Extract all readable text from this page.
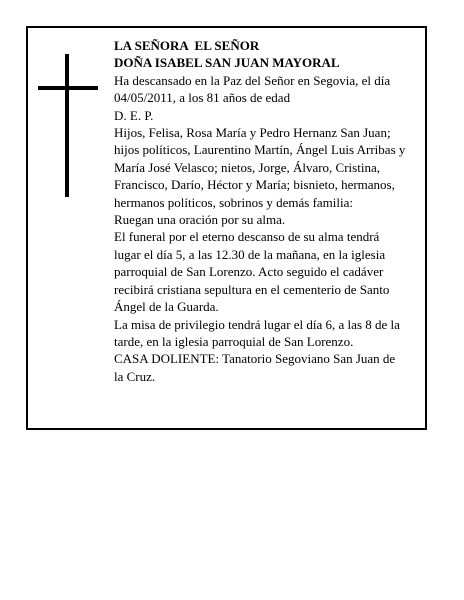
LA SEÑORA  EL SEÑOR
DOÑA ISABEL SAN JUAN MAYORAL
Ha descansado en la Paz del Señor en Segovia, el día
04/05/2011, a los 81 años de edad
D. E. P.
Hijos, Felisa, Rosa María y Pedro Hernanz San Juan;
hijos políticos, Laurentino Martín, Ángel Luis Arribas y
María José Velasco; nietos, Jorge, Álvaro, Cristina,
Francisco, Darío, Héctor y María; bisnieto, hermanos,
hermanos políticos, sobrinos y demás familia:
Ruegan una oración por su alma.
El funeral por el eterno descanso de su alma tendrá
lugar el día 5, a las 12.30 de la mañana, en la iglesia
parroquial de San Lorenzo. Acto seguido el cadáver
recibirá cristiana sepultura en el cementerio de Santo
Ángel de la Guarda.
La misa de privilegio tendrá lugar el día 6, a las 8 de la
tarde, en la iglesia parroquial de San Lorenzo.
CASA DOLIENTE: Tanatorio Segoviano San Juan de
la Cruz.
